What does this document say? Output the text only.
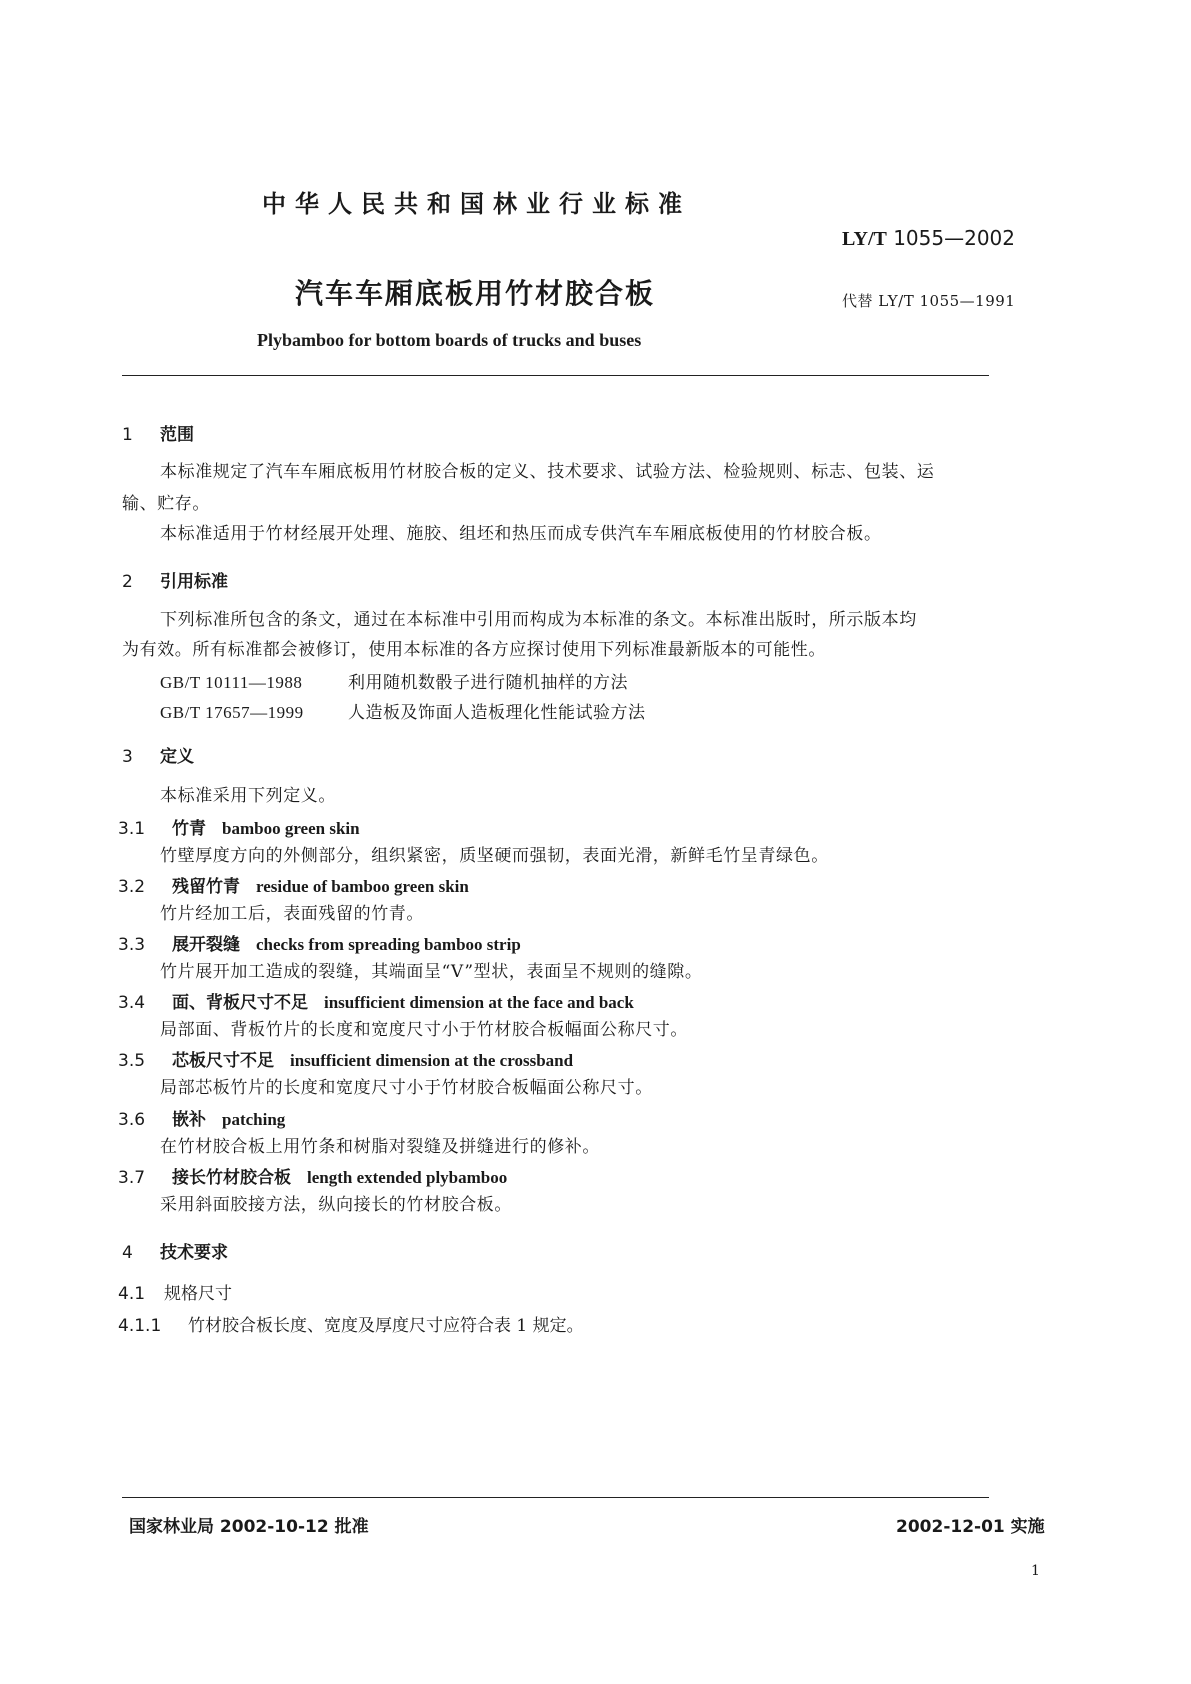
中华人民共和国林业行业标准
LY/T 1055—2002
汽车车厢底板用竹材胶合板	代替 LY/T 1055—1991
Plybamboo for bottom boards of trucks and buses
1 范围
本标准规定了汽车车厢底板用竹材胶合板的定义、技术要求、试验方法、检验规则、标志、包装、运
输、贮存。
本标准适用于竹材经展开处理、施胶、组坯和热压而成专供汽车车厢底板使用的竹材胶合板。
2 引用标准
下列标准所包含的条文，通过在本标准中引用而构成为本标准的条文。本标准出版时，所示版本均
为有效。所有标准都会被修订，使用本标准的各方应探讨使用下列标准最新版本的可能性。
GB/T 10111—1988	利用随机数骰子进行随机抽样的方法
GB/T 17657—1999	人造板及饰面人造板理化性能试验方法
3 定义
本标准采用下列定义。
3.1 竹青 bamboo green skin
竹壁厚度方向的外侧部分，组织紧密，质坚硬而强韧，表面光滑，新鲜毛竹呈青绿色。
3.2 残留竹青 residue of bamboo green skin
竹片经加工后，表面残留的竹青。
3.3 展开裂缝 checks from spreading bamboo strip
竹片展开加工造成的裂缝，其端面呈“V”型状，表面呈不规则的缝隙。
3.4 面、背板尺寸不足 insufficient dimension at the face and back
局部面、背板竹片的长度和宽度尺寸小于竹材胶合板幅面公称尺寸。
3.5 芯板尺寸不足 insufficient dimension at the crossband
局部芯板竹片的长度和宽度尺寸小于竹材胶合板幅面公称尺寸。
3.6 嵌补 patching
在竹材胶合板上用竹条和树脂对裂缝及拼缝进行的修补。
3.7 接长竹材胶合板 length extended plybamboo
采用斜面胶接方法，纵向接长的竹材胶合板。
4 技术要求
4.1 规格尺寸
4.1.1 竹材胶合板长度、宽度及厚度尺寸应符合表 1 规定。
国家林业局 2002-10-12 批准	2002-12-01 实施
1
